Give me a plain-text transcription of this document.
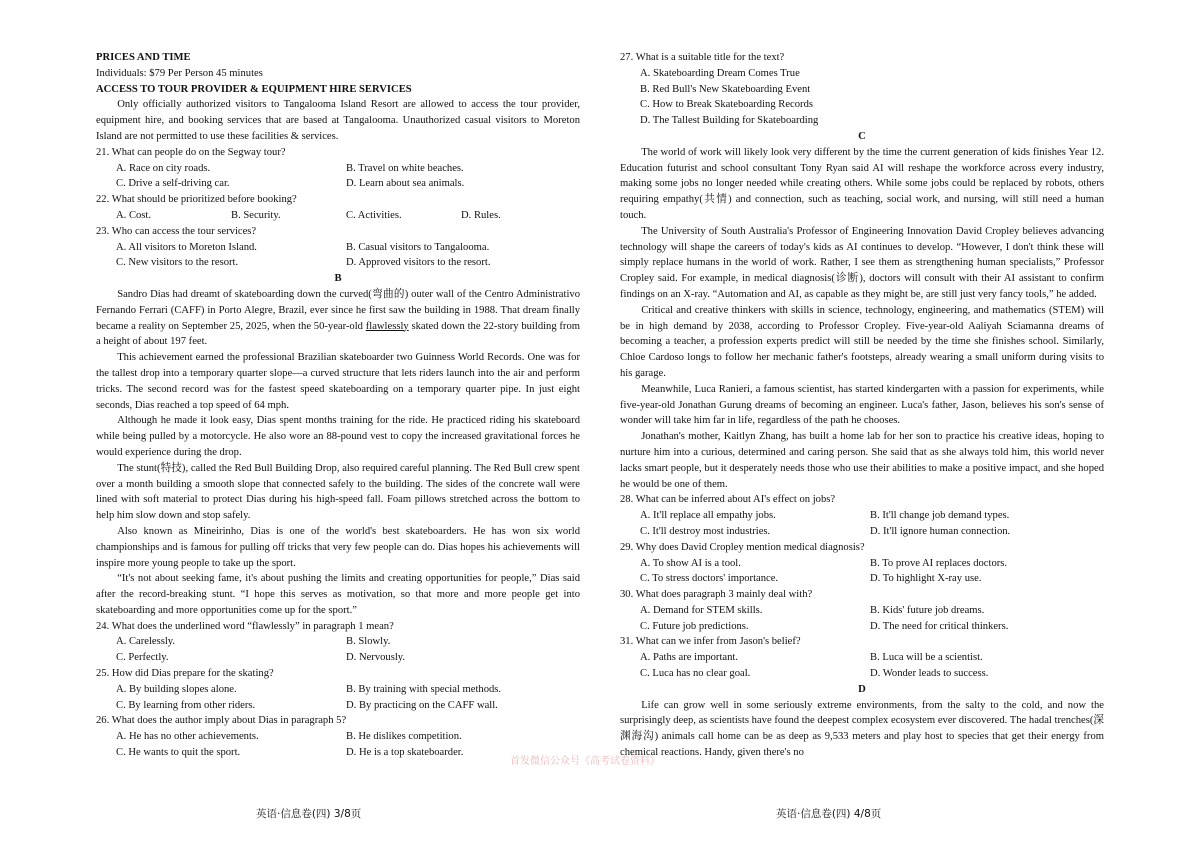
PRICES AND TIME

Individuals: $79 Per Person 45 minutes

ACCESS TO TOUR PROVIDER & EQUIPMENT HIRE SERVICES

Only officially authorized visitors to Tangalooma Island Resort are allowed to access the tour provider, equipment hire, and booking services that are based at Tangalooma. Unauthorized casual visitors to Moreton Island are not permitted to use these facilities & services.

21. What can people do on the Segway tour?

A. Race on city roads.	B. Travel on white beaches.
C. Drive a self-driving car.	D. Learn about sea animals.

22. What should be prioritized before booking?

A. Cost.	B. Security.	C. Activities.	D. Rules.

23. Who can access the tour services?

A. All visitors to Moreton Island.	B. Casual visitors to Tangalooma.
C. New visitors to the resort.	D. Approved visitors to the resort.

B

Sandro Dias had dreamt of skateboarding down the curved(弯曲的) outer wall of the Centro Administrativo Fernando Ferrari (CAFF) in Porto Alegre, Brazil, ever since he first saw the building in 1988. That dream finally became a reality on September 25, 2025, when the 50-year-old flawlessly skated down the 22-story building from a height of about 197 feet.

This achievement earned the professional Brazilian skateboarder two Guinness World Records. One was for the tallest drop into a temporary quarter slope—a curved structure that lets riders launch into the air and perform tricks. The second record was for the fastest speed skateboarding on a temporary quarter pipe. In just eight seconds, Dias reached a top speed of 64 mph.

Although he made it look easy, Dias spent months training for the ride. He practiced riding his skateboard while being pulled by a motorcycle. He also wore an 88-pound vest to copy the increased gravitational forces he would experience during the drop.

The stunt(特技), called the Red Bull Building Drop, also required careful planning. The Red Bull crew spent over a month building a smooth slope that connected safely to the building. The sides of the concrete wall were lined with soft material to protect Dias during his high-speed fall. Foam pillows stretched across the bottom to help him slow down and stop safely.

Also known as Mineirinho, Dias is one of the world's best skateboarders. He has won six world championships and is famous for pulling off tricks that very few people can do. Dias hopes his achievements will inspire more young people to take up the sport.

“It's not about seeking fame, it's about pushing the limits and creating opportunities for people,” Dias said after the record-breaking stunt. “I hope this serves as motivation, so that more and more people get into skateboarding and more opportunities come up for the sport.”

24. What does the underlined word “flawlessly” in paragraph 1 mean?

A. Carelessly.	B. Slowly.
C. Perfectly.	D. Nervously.

25. How did Dias prepare for the skating?

A. By building slopes alone.	B. By training with special methods.
C. By learning from other riders.	D. By practicing on the CAFF wall.

26. What does the author imply about Dias in paragraph 5?

A. He has no other achievements.	B. He dislikes competition.
C. He wants to quit the sport.	D. He is a top skateboarder.

27. What is a suitable title for the text?

A. Skateboarding Dream Comes True
B. Red Bull's New Skateboarding Event
C. How to Break Skateboarding Records
D. The Tallest Building for Skateboarding

C

The world of work will likely look very different by the time the current generation of kids finishes Year 12. Education futurist and school consultant Tony Ryan said AI will reshape the workforce across every industry, making some jobs no longer needed while creating others. While some jobs could be replaced by robots, others requiring empathy(共情) and connection, such as teaching, social work, and nursing, will still need a human touch.

The University of South Australia's Professor of Engineering Innovation David Cropley believes advancing technology will shape the careers of today's kids as AI continues to develop. “However, I don't think these will simply replace humans in the world of work. Rather, I see them as strengthening human specialists,” Professor Cropley said. For example, in medical diagnosis(诊断), doctors will consult with their AI assistant to confirm findings on an X-ray. “Automation and AI, as capable as they might be, are still just very fancy tools,” he added.

Critical and creative thinkers with skills in science, technology, engineering, and mathematics (STEM) will be in high demand by 2038, according to Professor Cropley. Five-year-old Aaliyah Sciamanna dreams of becoming a teacher, a profession experts predict will still be needed by the time she finishes school. Similarly, Chloe Cardoso longs to follow her mechanic father's footsteps, already wearing a small uniform during visits to his garage.

Meanwhile, Luca Ranieri, a famous scientist, has started kindergarten with a passion for experiments, while five-year-old Jonathan Gurung dreams of becoming an engineer. Luca's father, Jason, believes his son's sense of wonder will take him far in life, regardless of the path he chooses.

Jonathan's mother, Kaitlyn Zhang, has built a home lab for her son to practice his creative ideas, hoping to nurture him into a curious, determined and caring person. She said that as she always told him, this world never lacks smart people, but it desperately needs those who use their abilities to make a positive impact, and she hoped he would be one of them.

28. What can be inferred about AI's effect on jobs?

A. It'll replace all empathy jobs.	B. It'll change job demand types.
C. It'll destroy most industries.	D. It'll ignore human connection.

29. Why does David Cropley mention medical diagnosis?

A. To show AI is a tool.	B. To prove AI replaces doctors.
C. To stress doctors' importance.	D. To highlight X-ray use.

30. What does paragraph 3 mainly deal with?

A. Demand for STEM skills.	B. Kids' future job dreams.
C. Future job predictions.	D. The need for critical thinkers.

31. What can we infer from Jason's belief?

A. Paths are important.	B. Luca will be a scientist.
C. Luca has no clear goal.	D. Wonder leads to success.

D

Life can grow well in some seriously extreme environments, from the salty to the cold, and now the surprisingly deep, as scientists have found the deepest complex ecosystem ever discovered. The hadal trenches(深渊海沟) animals call home can be as deep as 9,533 meters and play host to species that get their energy from chemical reactions. Handy, given there's no

首发微信公众号《高考试卷资料》
英语·信息卷(四) 3/8页	英语·信息卷(四) 4/8页
